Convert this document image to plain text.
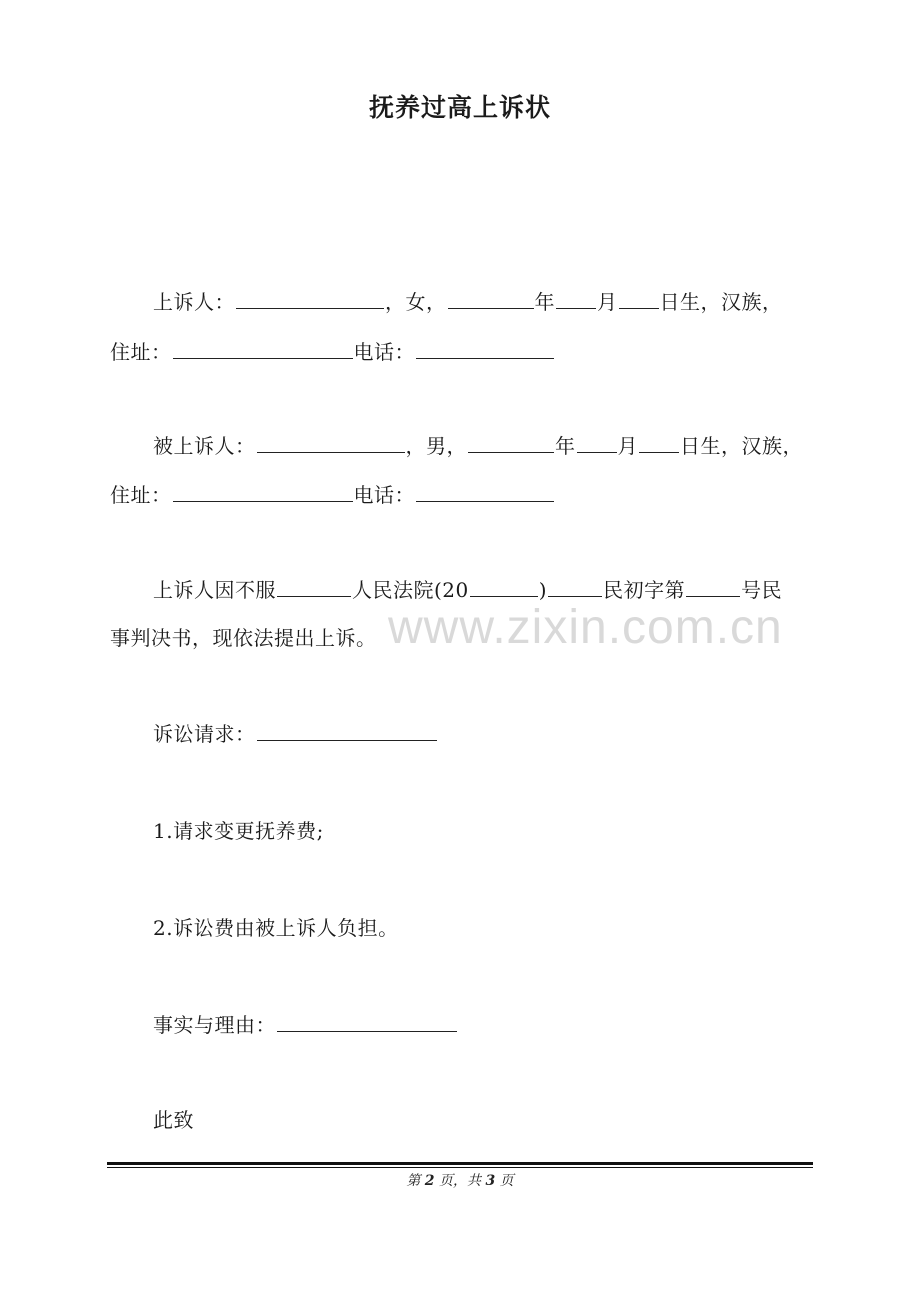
抚养过高上诉状
上诉人：	，女，	年 月 日生，汉族，
住址：	电话：
被上诉人：	，男，	年 月 日生，汉族，
住址：	电话：
上诉人因不服	人民法院(20	)	民初字第	号民
事判决书，现依法提出上诉。 www.zixin.com.cn
诉讼请求：
1.请求变更抚养费;
2.诉讼费由被上诉人负担。
事实与理由：
此致
第 2 页，共 3 页
